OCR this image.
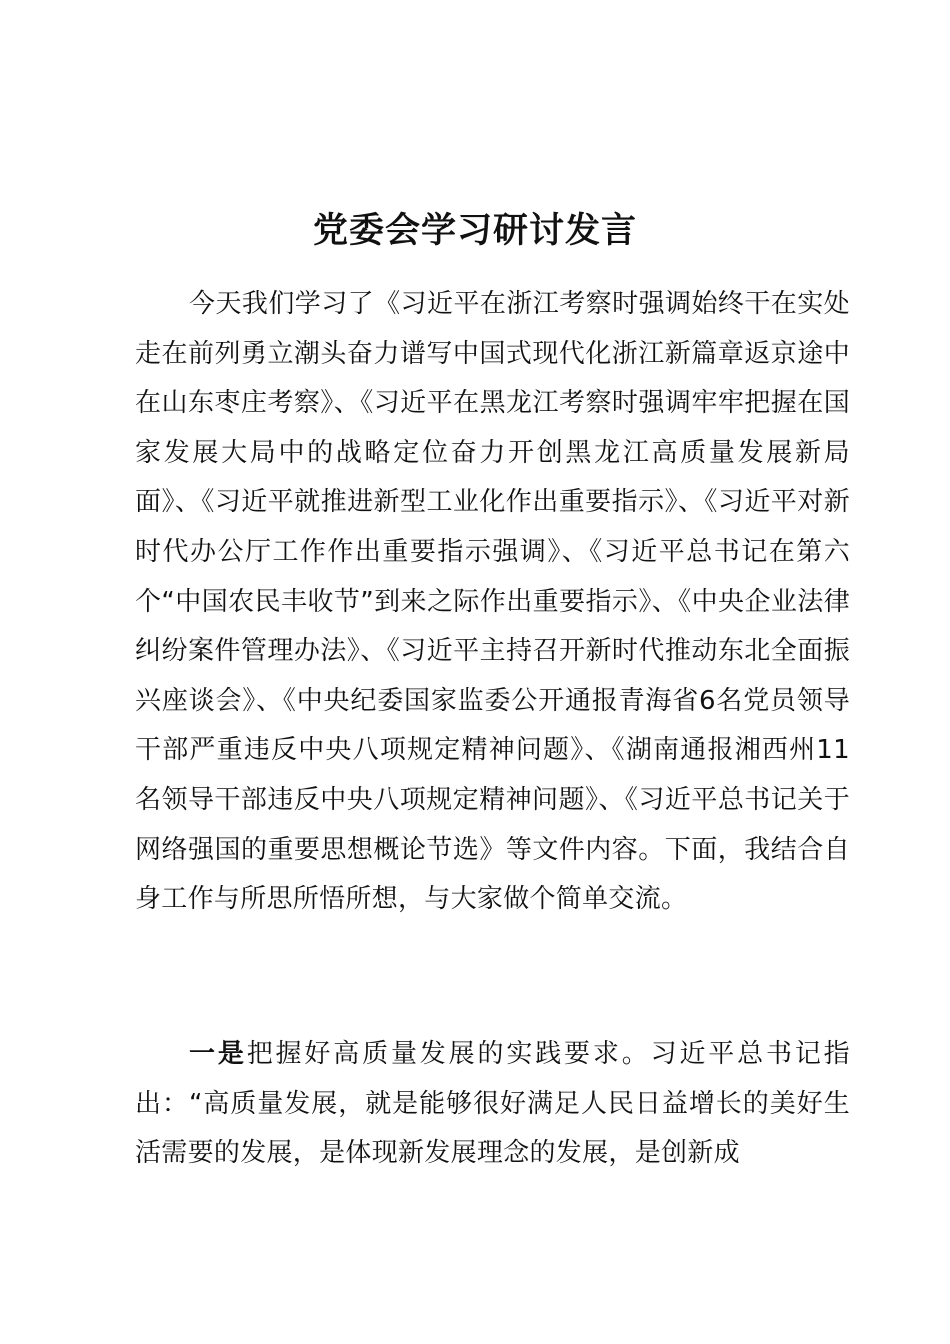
党委会学习研讨发言

今天我们学习了《习近平在浙江考察时强调始终干在实处走在前列勇立潮头奋力谱写中国式现代化浙江新篇章返京途中在山东枣庄考察》、《习近平在黑龙江考察时强调牢牢把握在国家发展大局中的战略定位奋力开创黑龙江高质量发展新局面》、《习近平就推进新型工业化作出重要指示》、《习近平对新时代办公厅工作作出重要指示强调》、《习近平总书记在第六个“中国农民丰收节”到来之际作出重要指示》、《中央企业法律纠纷案件管理办法》、《习近平主持召开新时代推动东北全面振兴座谈会》、《中央纪委国家监委公开通报青海省6名党员领导干部严重违反中央八项规定精神问题》、《湖南通报湘西州11名领导干部违反中央八项规定精神问题》、《习近平总书记关于网络强国的重要思想概论节选》等文件内容。下面，我结合自身工作与所思所悟所想，与大家做个简单交流。

一是把握好高质量发展的实践要求。习近平总书记指出：“高质量发展，就是能够很好满足人民日益增长的美好生活需要的发展，是体现新发展理念的发展，是创新成
